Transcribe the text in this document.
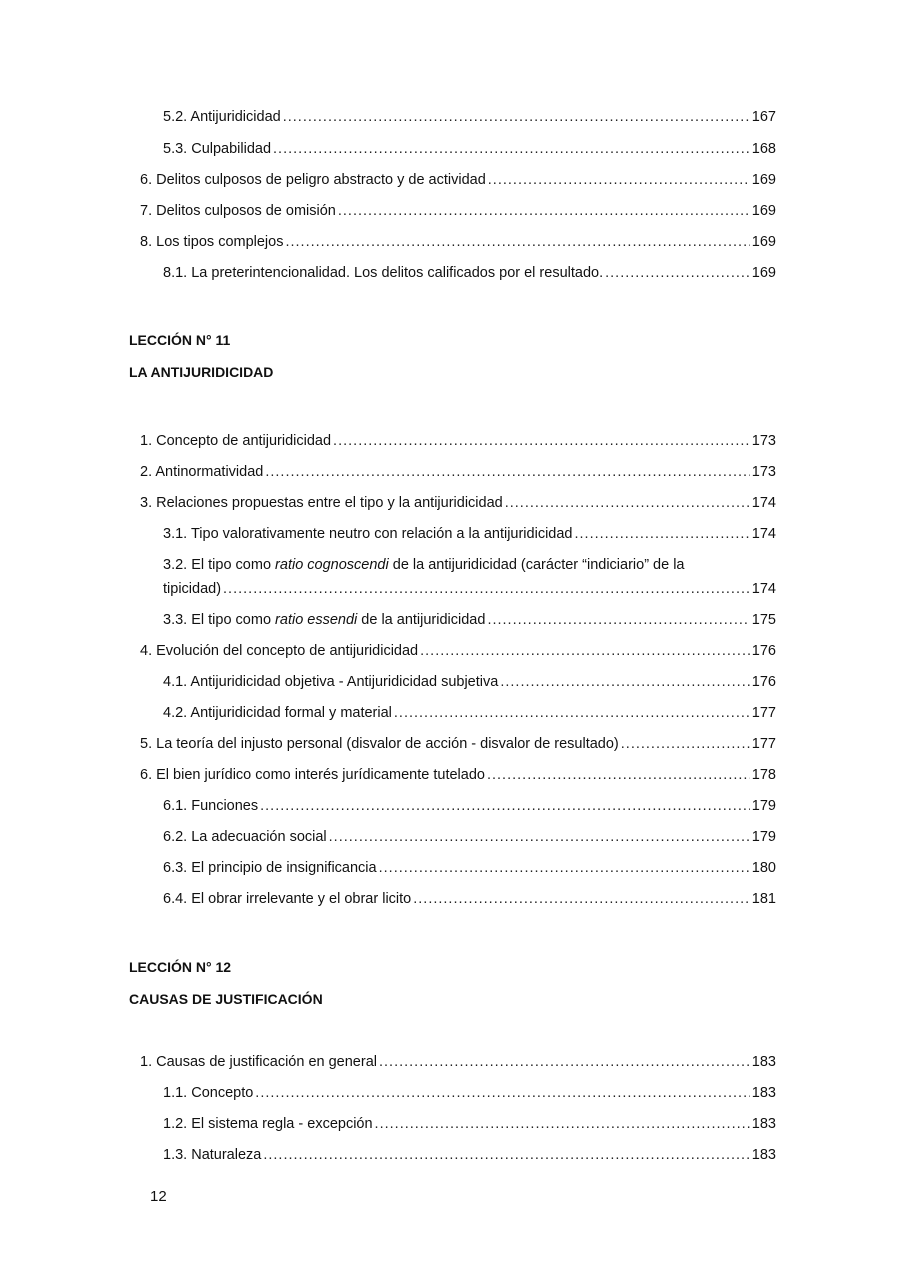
5.2. Antijuridicidad .....	167
5.3. Culpabilidad .....	168
6. Delitos culposos de peligro abstracto y de actividad .....	169
7. Delitos culposos de omisión .....	169
8. Los tipos complejos .....	169
8.1. La preterintencionalidad. Los delitos calificados por el resultado. .....	169
LECCIÓN N° 11
LA ANTIJURIDICIDAD
1. Concepto de antijuridicidad .....	173
2. Antinormatividad .....	173
3. Relaciones propuestas entre el tipo y la antijuridicidad .....	174
3.1. Tipo valorativamente neutro con relación a la antijuridicidad .....	174
3.2. El tipo como ratio cognoscendi de la antijuridicidad (carácter “indiciario” de la
tipicidad) .....	174
3.3. El tipo como ratio essendi de la antijuridicidad .....	175
4. Evolución del concepto de antijuridicidad .....	176
4.1. Antijuridicidad objetiva - Antijuridicidad subjetiva .....	176
4.2. Antijuridicidad formal y material .....	177
5. La teoría del injusto personal (disvalor de acción - disvalor de resultado) .....	177
6. El bien jurídico como interés jurídicamente tutelado .....	178
6.1. Funciones .....	179
6.2. La adecuación social .....	179
6.3. El principio de insignificancia .....	180
6.4. El obrar irrelevante y el obrar licito .....	181
LECCIÓN N° 12
CAUSAS DE JUSTIFICACIÓN
1. Causas de justificación en general .....	183
1.1. Concepto .....	183
1.2. El sistema regla - excepción .....	183
1.3. Naturaleza .....	183
12
